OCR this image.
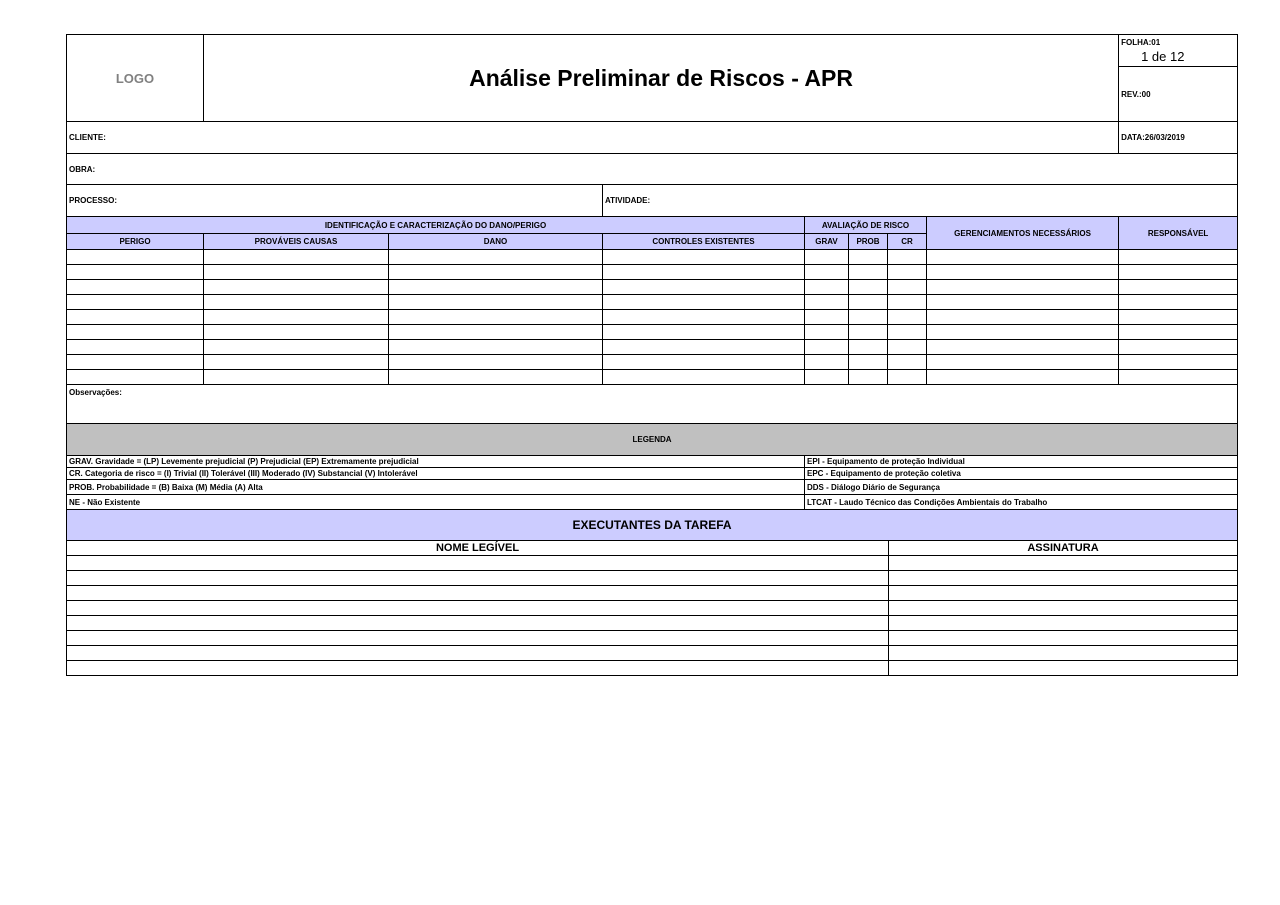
LOGO	Análise Preliminar de Riscos - APR							FOLHA:01
1 de 12

								REV.:00
CLIENTE:								DATA:26/03/2019
OBRA:								
PROCESSO:			ATIVIDADE:					
IDENTIFICAÇÃO E CARACTERIZAÇÃO DO DANO/PERIGO				AVALIAÇÃO DE RISCO			GERENCIAMENTOS NECESSÁRIOS	RESPONSÁVEL
PERIGO	PROVÁVEIS CAUSAS	DANO	CONTROLES EXISTENTES	GRAV	PROB	CR		

Observações:								
LEGENDA								
GRAV. Gravidade = (LP) Levemente prejudicial (P) Prejudicial (EP) Extremamente prejudicial				EPI - Equipamento de proteção Individual				
CR. Categoria de risco = (I) Trivial (II) Tolerável (III) Moderado (IV) Substancial (V) Intolerável				EPC - Equipamento de proteção coletiva				
PROB. Probabilidade = (B) Baixa (M) Média (A) Alta				DDS - Diálogo Diário de Segurança				
NE - Não Existente				LTCAT - Laudo Técnico das Condições Ambientais do Trabalho				
EXECUTANTES DA TAREFA	
NOME LEGÍVEL	ASSINATURA
